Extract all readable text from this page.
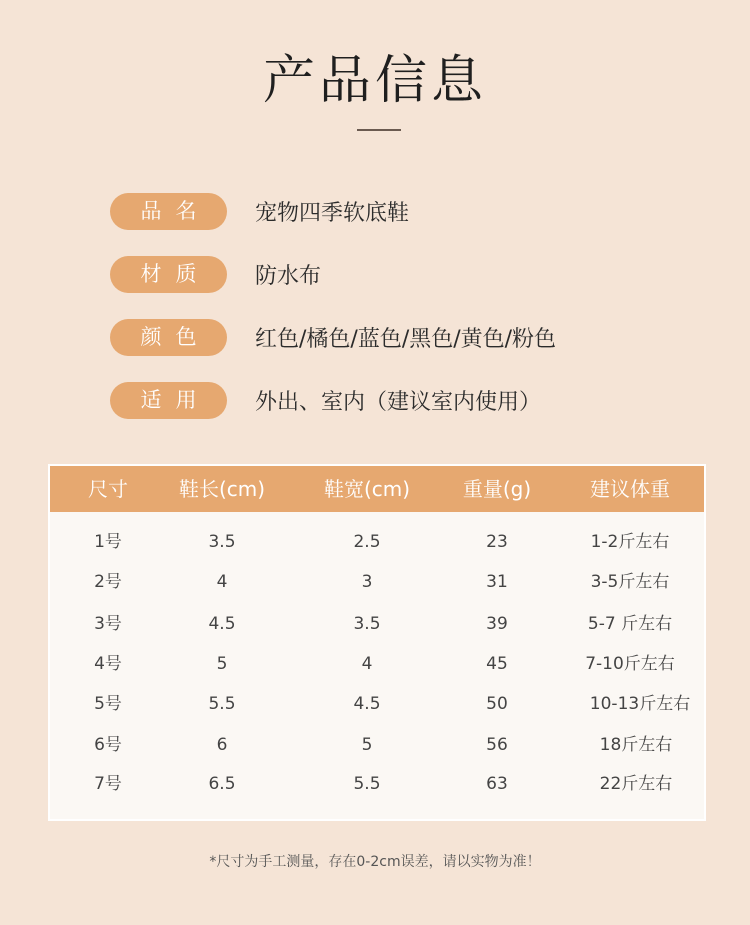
产品信息
品名	宠物四季软底鞋
材质	防水布
颜色	红色/橘色/蓝色/黑色/黄色/粉色
适用	外出、室内（建议室内使用）
尺寸	鞋长(cm)	鞋宽(cm)	重量(g)	建议体重
1号	3.5	2.5	23	1-2斤左右
2号	4	3	31	3-5斤左右
3号	4.5	3.5	39	5-7 斤左右
4号	5	4	45	7-10斤左右
5号	5.5	4.5	50	10-13斤左右
6号	6	5	56	18斤左右
7号	6.5	5.5	63	22斤左右
*尺寸为手工测量，存在0-2cm误差，请以实物为准！
